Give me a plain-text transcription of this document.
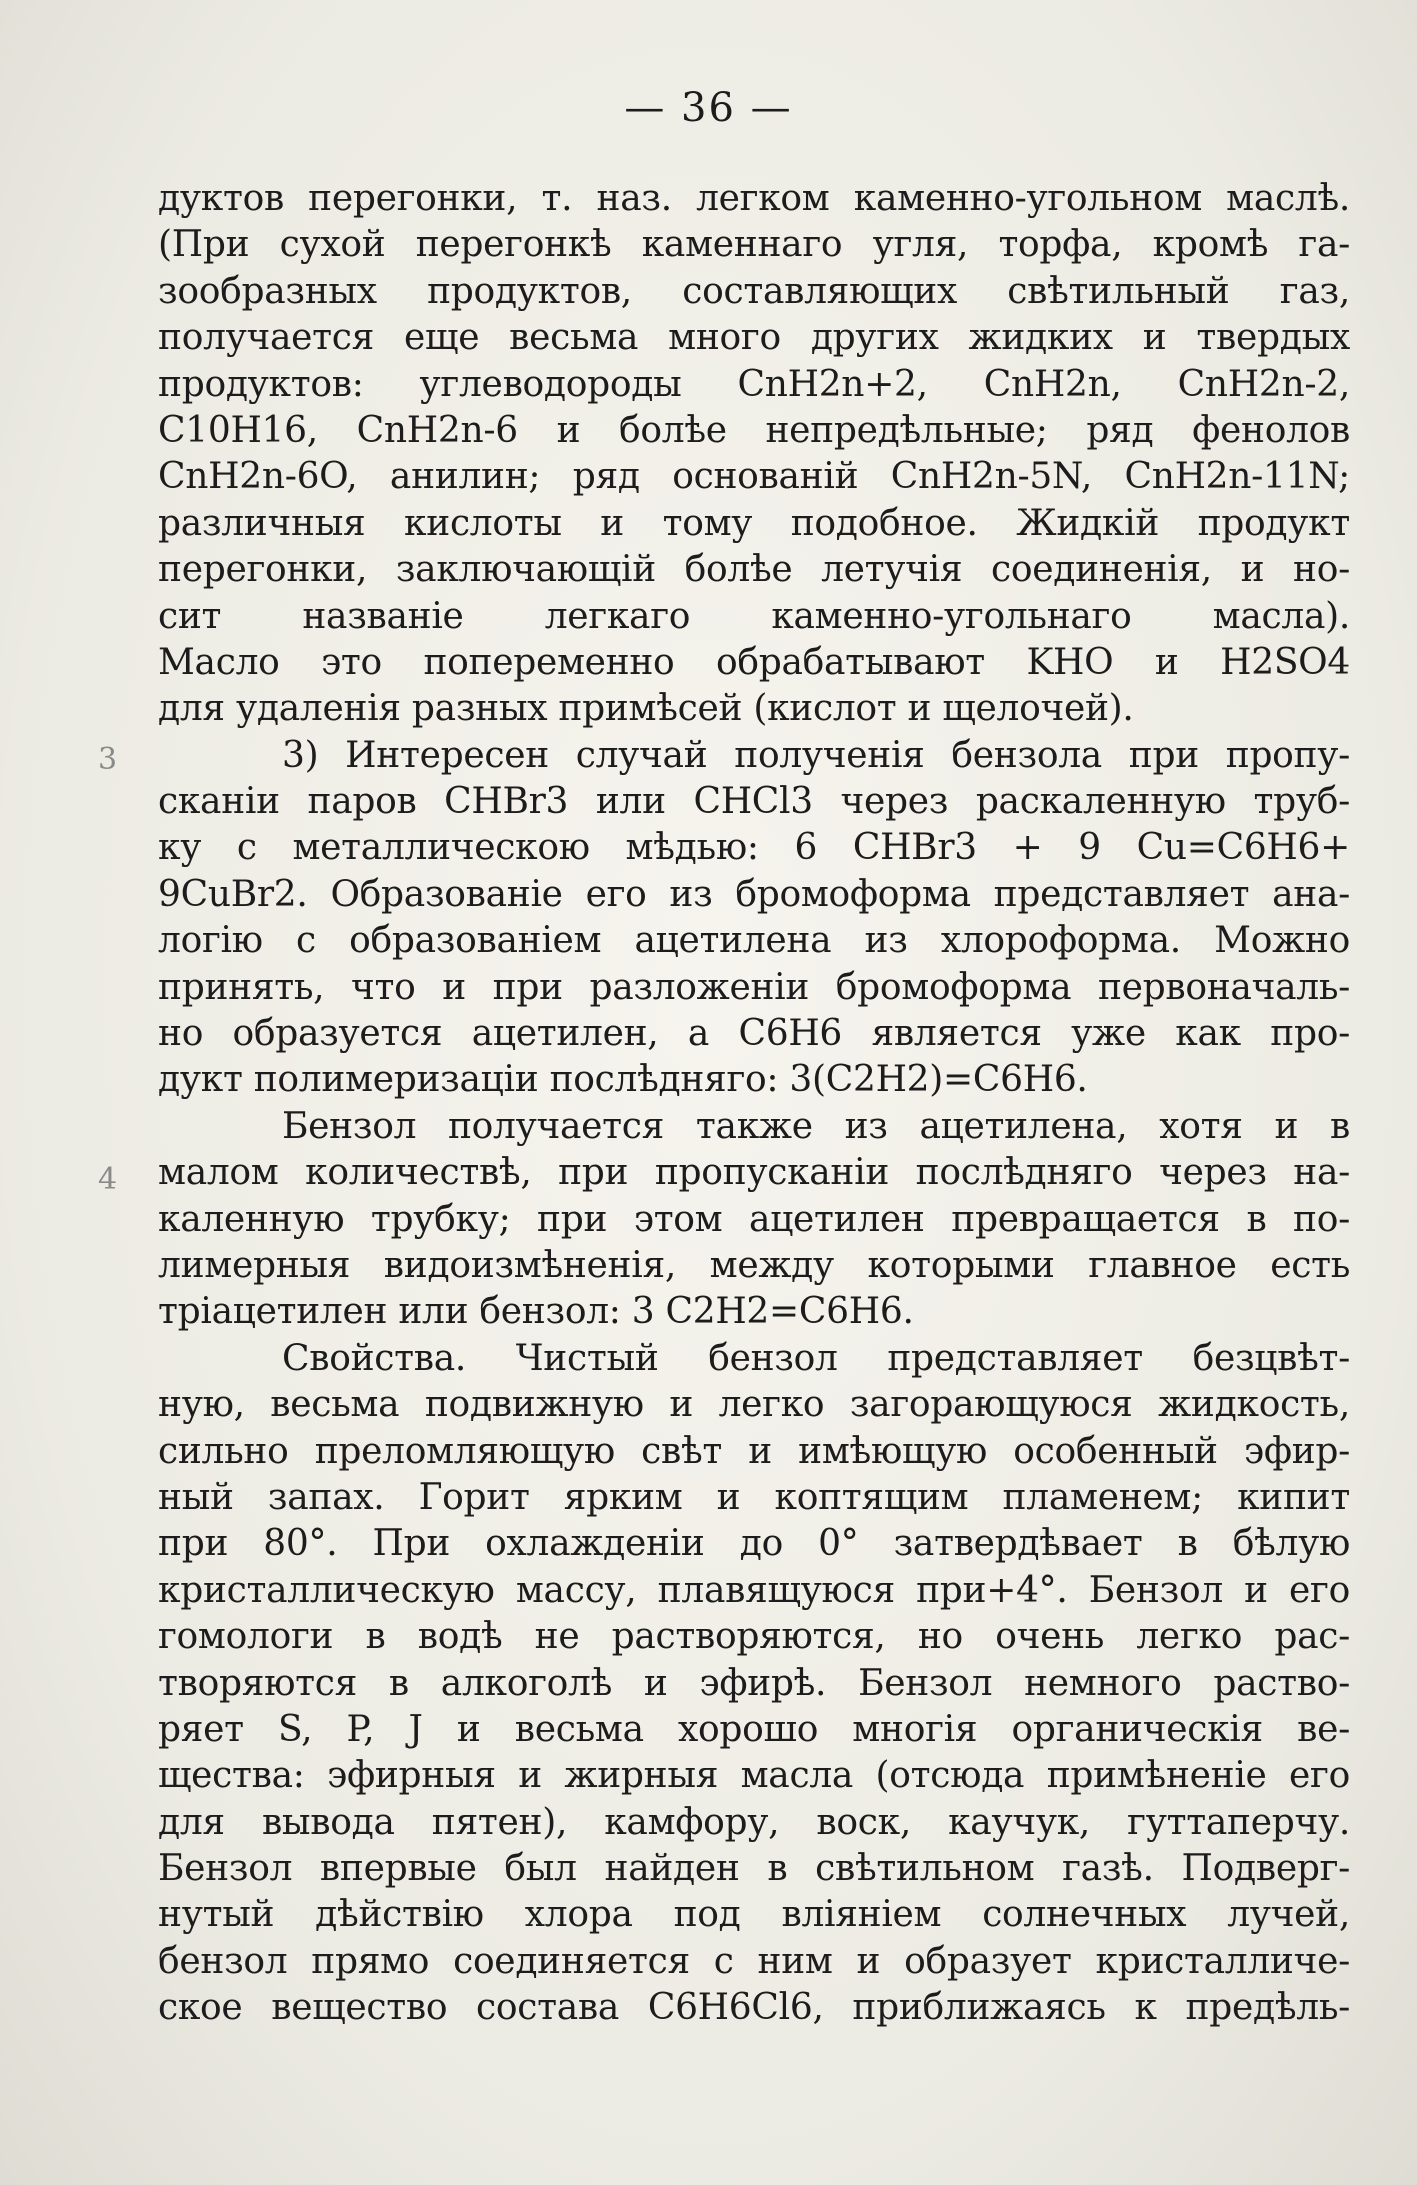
— 36 —
3
4
дуктов перегонки, т. наз. легком каменно-угольном маслѣ.
(При сухой перегонкѣ каменнаго угля, торфа, кромѣ га-
зообразных продуктов, составляющих свѣтильный газ,
получается еще весьма много других жидких и твердых
продуктов: углеводороды CnH2n+2, CnH2n, CnH2n-2,
C10H16, CnH2n-6 и болѣе непредѣльные; ряд фенолов
CnH2n-6O, анилин; ряд основаній CnH2n-5N, CnH2n-11N;
различныя кислоты и тому подобное. Жидкій продукт
перегонки, заключающій болѣе летучія соединенія, и но-
сит названіе легкаго каменно-угольнаго масла).
Масло это попеременно обрабатывают KHO и H2SO4
для удаленія разных примѣсей (кислот и щелочей).
3) Интересен случай полученія бензола при пропу-
сканіи паров CHBr3 или CHCl3 через раскаленную труб-
ку с металлическою мѣдью: 6 CHBr3 + 9 Cu=C6H6+
9CuBr2. Образованіе его из бромоформа представляет ана-
логію с образованіем ацетилена из хлороформа. Можно
принять, что и при разложеніи бромоформа первоначаль-
но образуется ацетилен, а C6H6 является уже как про-
дукт полимеризаціи послѣдняго: 3(C2H2)=C6H6.
Бензол получается также из ацетилена, хотя и в
малом количествѣ, при пропусканіи послѣдняго через на-
каленную трубку; при этом ацетилен превращается в по-
лимерныя видоизмѣненія, между которыми главное есть
тріацетилен или бензол: 3 C2H2=C6H6.
Свойства. Чистый бензол представляет безцвѣт-
ную, весьма подвижную и легко загорающуюся жидкость,
сильно преломляющую свѣт и имѣющую особенный эфир-
ный запах. Горит ярким и коптящим пламенем; кипит
при 80°. При охлажденіи до 0° затвердѣвает в бѣлую
кристаллическую массу, плавящуюся при+4°. Бензол и его
гомологи в водѣ не растворяются, но очень легко рас-
творяются в алкоголѣ и эфирѣ. Бензол немного раство-
ряет S, P, J и весьма хорошо многія органическія ве-
щества: эфирныя и жирныя масла (отсюда примѣненіе его
для вывода пятен), камфору, воск, каучук, гуттаперчу.
Бензол впервые был найден в свѣтильном газѣ. Подверг-
нутый дѣйствію хлора под вліяніем солнечных лучей,
бензол прямо соединяется с ним и образует кристалличе-
ское вещество состава C6H6Cl6, приближаясь к предѣль-
